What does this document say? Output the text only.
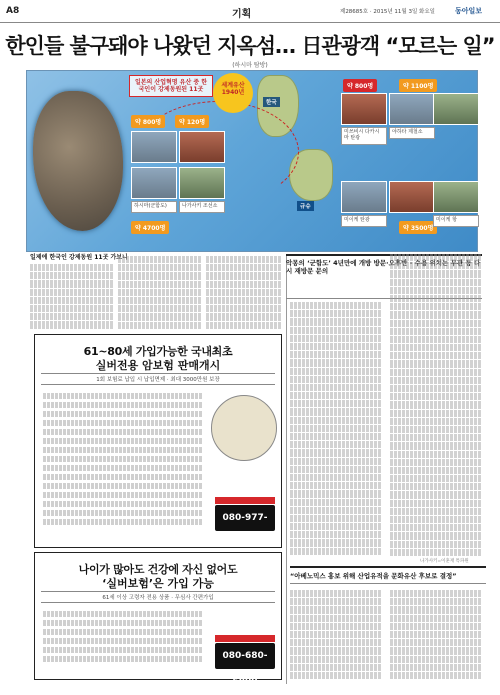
A8	기획	제28685호 · 2015년 11월 3일 화요일	동아일보
한인들 불구돼야 나왔던 지옥섬… 日관광객 “모르는 일”
(하시마 탐방)
일본의 산업혁명 유산 중 한국인이 강제동원된 11곳
세계유산 1940년
한국
규슈
약 800명	약 120명
약 4700명
약 1100명
약 3500명
약 800명
하시마(군함도)	나가사키 조선소
미쓰비시 다카시마 탄광
야하타 제철소
미이케 탄광	미이케 항
일제에 한국인 강제동원 11곳 가보니
악몽의 ‘군함도’ 4년만에 개방 방문·오후반 - 수용 위치는 무관 등 다시 재방문 문의
나가사키=이훈재 특파원
“아베노믹스 홍보 위해 산업유적을 문화유산 후보로 결정”
61~80세 가입가능한 국내최초
실버전용 암보험 판매개시
1회 보험료 납입 시 납입면제 · 최대 3000만원 보장
080-977-0700
나이가 많아도 건강에 자신 없어도
‘실버보험’은 가입 가능
61세 이상 고령자 전용 상품 · 무심사 간편가입
080-680-6800
